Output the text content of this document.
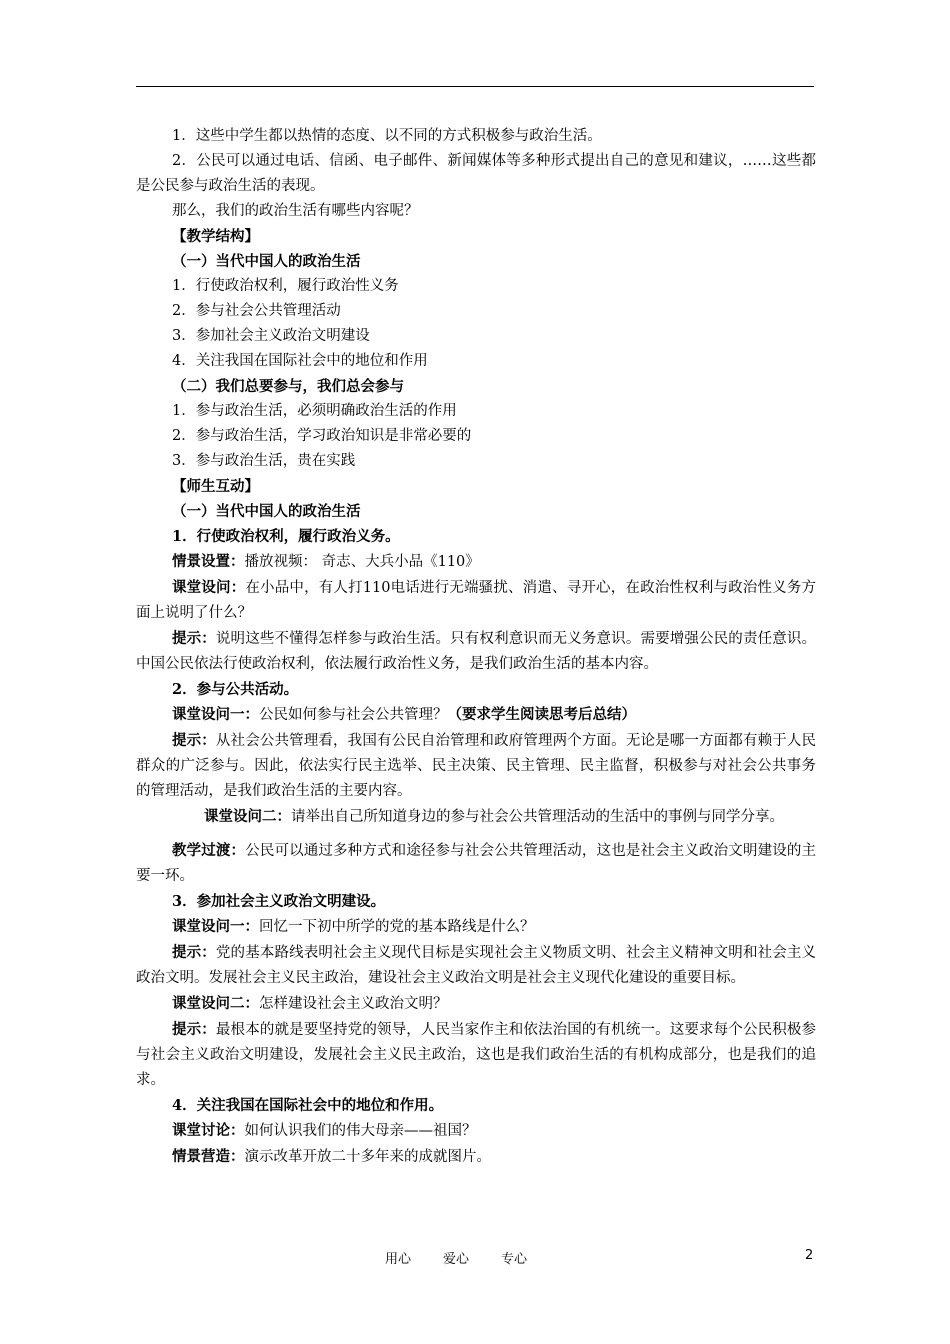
1．这些中学生都以热情的态度、以不同的方式积极参与政治生活。

2．公民可以通过电话、信函、电子邮件、新闻媒体等多种形式提出自己的意见和建议，……这些都是公民参与政治生活的表现。

那么，我们的政治生活有哪些内容呢？

【教学结构】

（一）当代中国人的政治生活

1．行使政治权利，履行政治性义务

2．参与社会公共管理活动

3．参加社会主义政治文明建设

4．关注我国在国际社会中的地位和作用

（二）我们总要参与，我们总会参与

1．参与政治生活，必须明确政治生活的作用

2．参与政治生活，学习政治知识是非常必要的

3．参与政治生活，贵在实践

【师生互动】

（一）当代中国人的政治生活

1．行使政治权利，履行政治义务。

情景设置：播放视频： 奇志、大兵小品《110》

课堂设问：在小品中，有人打110电话进行无端骚扰、消遣、寻开心，在政治性权利与政治性义务方面上说明了什么？

提示：说明这些不懂得怎样参与政治生活。只有权利意识而无义务意识。需要增强公民的责任意识。中国公民依法行使政治权利，依法履行政治性义务，是我们政治生活的基本内容。

2．参与公共活动。

课堂设问一：公民如何参与社会公共管理？（要求学生阅读思考后总结）

提示：从社会公共管理看，我国有公民自治管理和政府管理两个方面。无论是哪一方面都有赖于人民群众的广泛参与。因此，依法实行民主选举、民主决策、民主管理、民主监督，积极参与对社会公共事务的管理活动，是我们政治生活的主要内容。

课堂设问二：请举出自己所知道身边的参与社会公共管理活动的生活中的事例与同学分享。

教学过渡：公民可以通过多种方式和途径参与社会公共管理活动，这也是社会主义政治文明建设的主要一环。

3．参加社会主义政治文明建设。

课堂设问一：回忆一下初中所学的党的基本路线是什么？

提示：党的基本路线表明社会主义现代目标是实现社会主义物质文明、社会主义精神文明和社会主义政治文明。发展社会主义民主政治，建设社会主义政治文明是社会主义现代化建设的重要目标。

课堂设问二：怎样建设社会主义政治文明？

提示：最根本的就是要坚持党的领导，人民当家作主和依法治国的有机统一。这要求每个公民积极参与社会主义政治文明建设，发展社会主义民主政治，这也是我们政治生活的有机构成部分，也是我们的追求。

4．关注我国在国际社会中的地位和作用。

课堂讨论：如何认识我们的伟大母亲——祖国？

情景营造：演示改革开放二十多年来的成就图片。

用心 爱心 专心	2
